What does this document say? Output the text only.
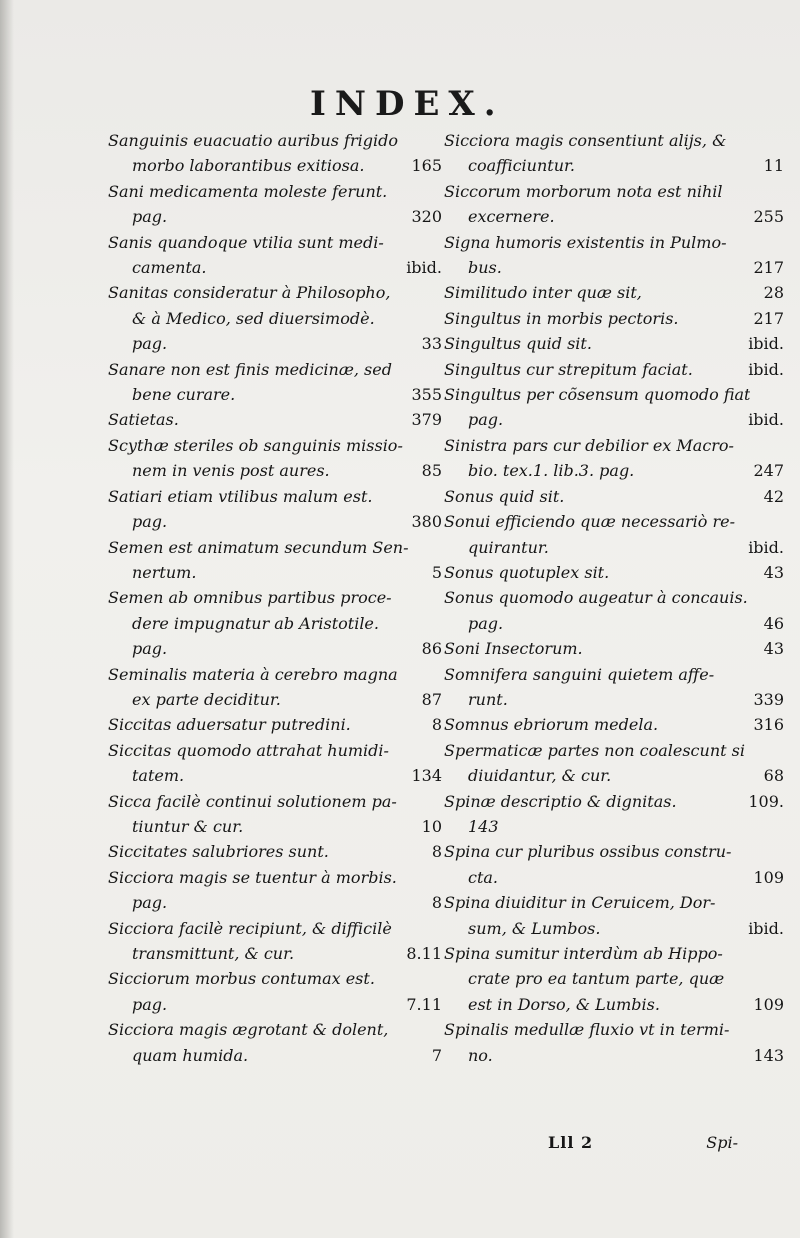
INDEX.
Sanguinis euacuatio auribus frigido
morbo laborantibus exitiosa.	165
Sani medicamenta moleste ferunt.
pag.	320
Sanis quandoque vtilia sunt medi-
camenta.	ibid.
Sanitas consideratur à Philosopho,
& à Medico, sed diuersimodè.
pag.	33
Sanare non est finis medicinæ, sed
bene curare.	355
Satietas.	379
Scythæ steriles ob sanguinis missio-
nem in venis post aures.	85
Satiari etiam vtilibus malum est.
pag.	380
Semen est animatum secundum Sen-
nertum.	5
Semen ab omnibus partibus proce-
dere impugnatur ab Aristotile.
pag.	86
Seminalis materia à cerebro magna
ex parte deciditur.	87
Siccitas aduersatur putredini.	8
Siccitas quomodo attrahat humidi-
tatem.	134
Sicca facilè continui solutionem pa-
tiuntur & cur.	10
Siccitates salubriores sunt.	8
Sicciora magis se tuentur à morbis.
pag.	8
Sicciora facilè recipiunt, & difficilè
transmittunt, & cur.	8.11
Sicciorum morbus contumax est.
pag.	7.11
Sicciora magis ægrotant & dolent,
quam humida.	7
Sicciora magis consentiunt alijs, &
coafficiuntur.	11
Siccorum morborum nota est nihil
excernere.	255
Signa humoris existentis in Pulmo-
bus.	217
Similitudo inter quæ sit,	28
Singultus in morbis pectoris.	217
Singultus quid sit.	ibid.
Singultus cur strepitum faciat.	ibid.
Singultus per cõsensum quomodo fiat
pag.	ibid.
Sinistra pars cur debilior ex Macro-
bio. tex.1. lib.3. pag.	247
Sonus quid sit.	42
Sonui efficiendo quæ necessariò re-
quirantur.	ibid.
Sonus quotuplex sit.	43
Sonus quomodo augeatur à concauis.
pag.	46
Soni Insectorum.	43
Somnifera sanguini quietem affe-
runt.	339
Somnus ebriorum medela.	316
Spermaticæ partes non coalescunt si
diuidantur, & cur.	68
Spinæ descriptio & dignitas.	109.
143
Spina cur pluribus ossibus constru-
cta.	109
Spina diuiditur in Ceruicem, Dor-
sum, & Lumbos.	ibid.
Spina sumitur interdùm ab Hippo-
crate pro ea tantum parte, quæ
est in Dorso, & Lumbis.	109
Spinalis medullæ fluxio vt in termi-
no.	143
Lll 2	Spi-
